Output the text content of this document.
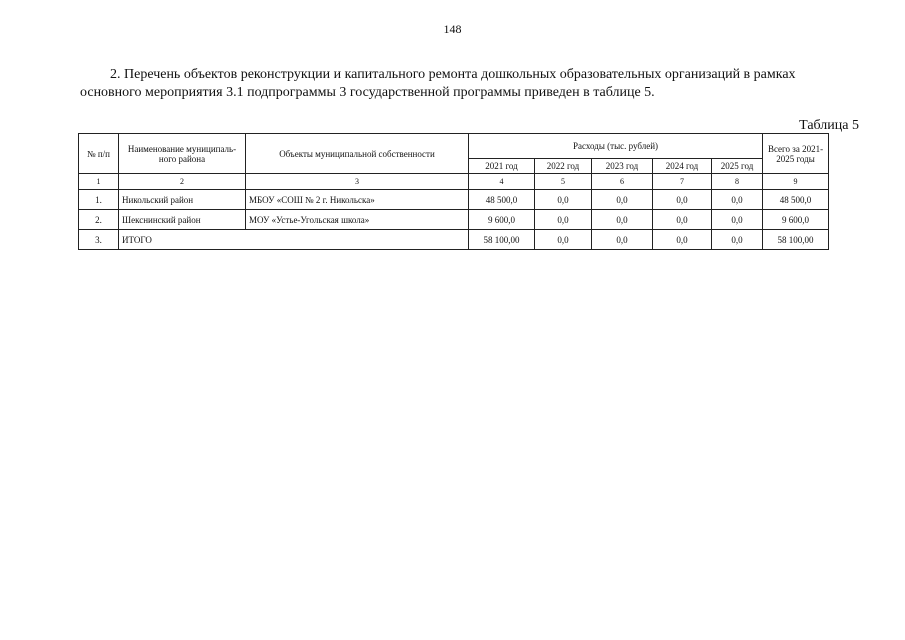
148

2. Перечень объектов реконструкции и капитального ремонта дошкольных образовательных организаций в рамках основного мероприятия 3.1 подпрограммы 3 государственной программы приведен в таблице 5.

Таблица 5
№ п/п	Наименование муниципаль-ного района	Объекты муниципальной собственности	Расходы (тыс. рублей)					Всего за 2021-2025 годы
			2021 год	2022 год	2023 год	2024 год	2025 год	
1	2	3	4	5	6	7	8	9
1.	Никольский район	МБОУ «СОШ № 2 г. Никольска»	48 500,0	0,0	0,0	0,0	0,0	48 500,0
2.	Шекснинский район	МОУ «Устье-Угольская школа»	9 600,0	0,0	0,0	0,0	0,0	9 600,0
3.	ИТОГО		58 100,00	0,0	0,0	0,0	0,0	58 100,00
